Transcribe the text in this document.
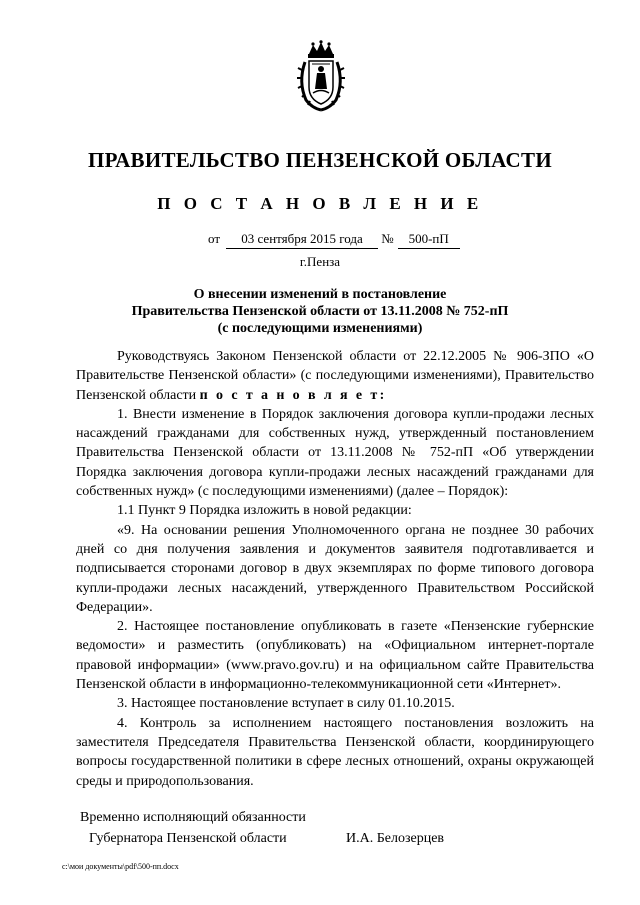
ПРАВИТЕЛЬСТВО ПЕНЗЕНСКОЙ ОБЛАСТИ
П О С Т А Н О В Л Е Н И Е
от 03 сентября 2015 года № 500-пП
г.Пенза
О внесении изменений в постановление
Правительства Пензенской области от 13.11.2008 № 752-пП
(с последующими изменениями)

Руководствуясь Законом Пензенской области от 22.12.2005 № 906-ЗПО «О Правительстве Пензенской области» (с последующими изменениями), Правительство Пензенской области п о с т а н о в л я е т:

1. Внести изменение в Порядок заключения договора купли-продажи лесных насаждений гражданами для собственных нужд, утвержденный постановлением Правительства Пензенской области от 13.11.2008 № 752-пП «Об утверждении Порядка заключения договора купли-продажи лесных насаждений гражданами для собственных нужд» (с последующими изменениями) (далее – Порядок):

1.1 Пункт 9 Порядка изложить в новой редакции:

«9. На основании решения Уполномоченного органа не позднее 30 рабочих дней со дня получения заявления и документов заявителя подготавливается и подписывается сторонами договор в двух экземплярах по форме типового договора купли-продажи лесных насаждений, утвержденного Правительством Российской Федерации».

2. Настоящее постановление опубликовать в газете «Пензенские губернские ведомости» и разместить (опубликовать) на «Официальном интернет-портале правовой информации» (www.pravo.gov.ru) и на официальном сайте Правительства Пензенской области в информационно-телекоммуникационной сети «Интернет».

3. Настоящее постановление вступает в силу 01.10.2015.

4. Контроль за исполнением настоящего постановления возложить на заместителя Председателя Правительства Пензенской области, координирующего вопросы государственной политики в сфере лесных отношений, охраны окружающей среды и природопользования.

Временно исполняющий обязанности
Губернатора Пензенской области	И.А. Белозерцев
c:\мои документы\pdf\500-пп.docx
